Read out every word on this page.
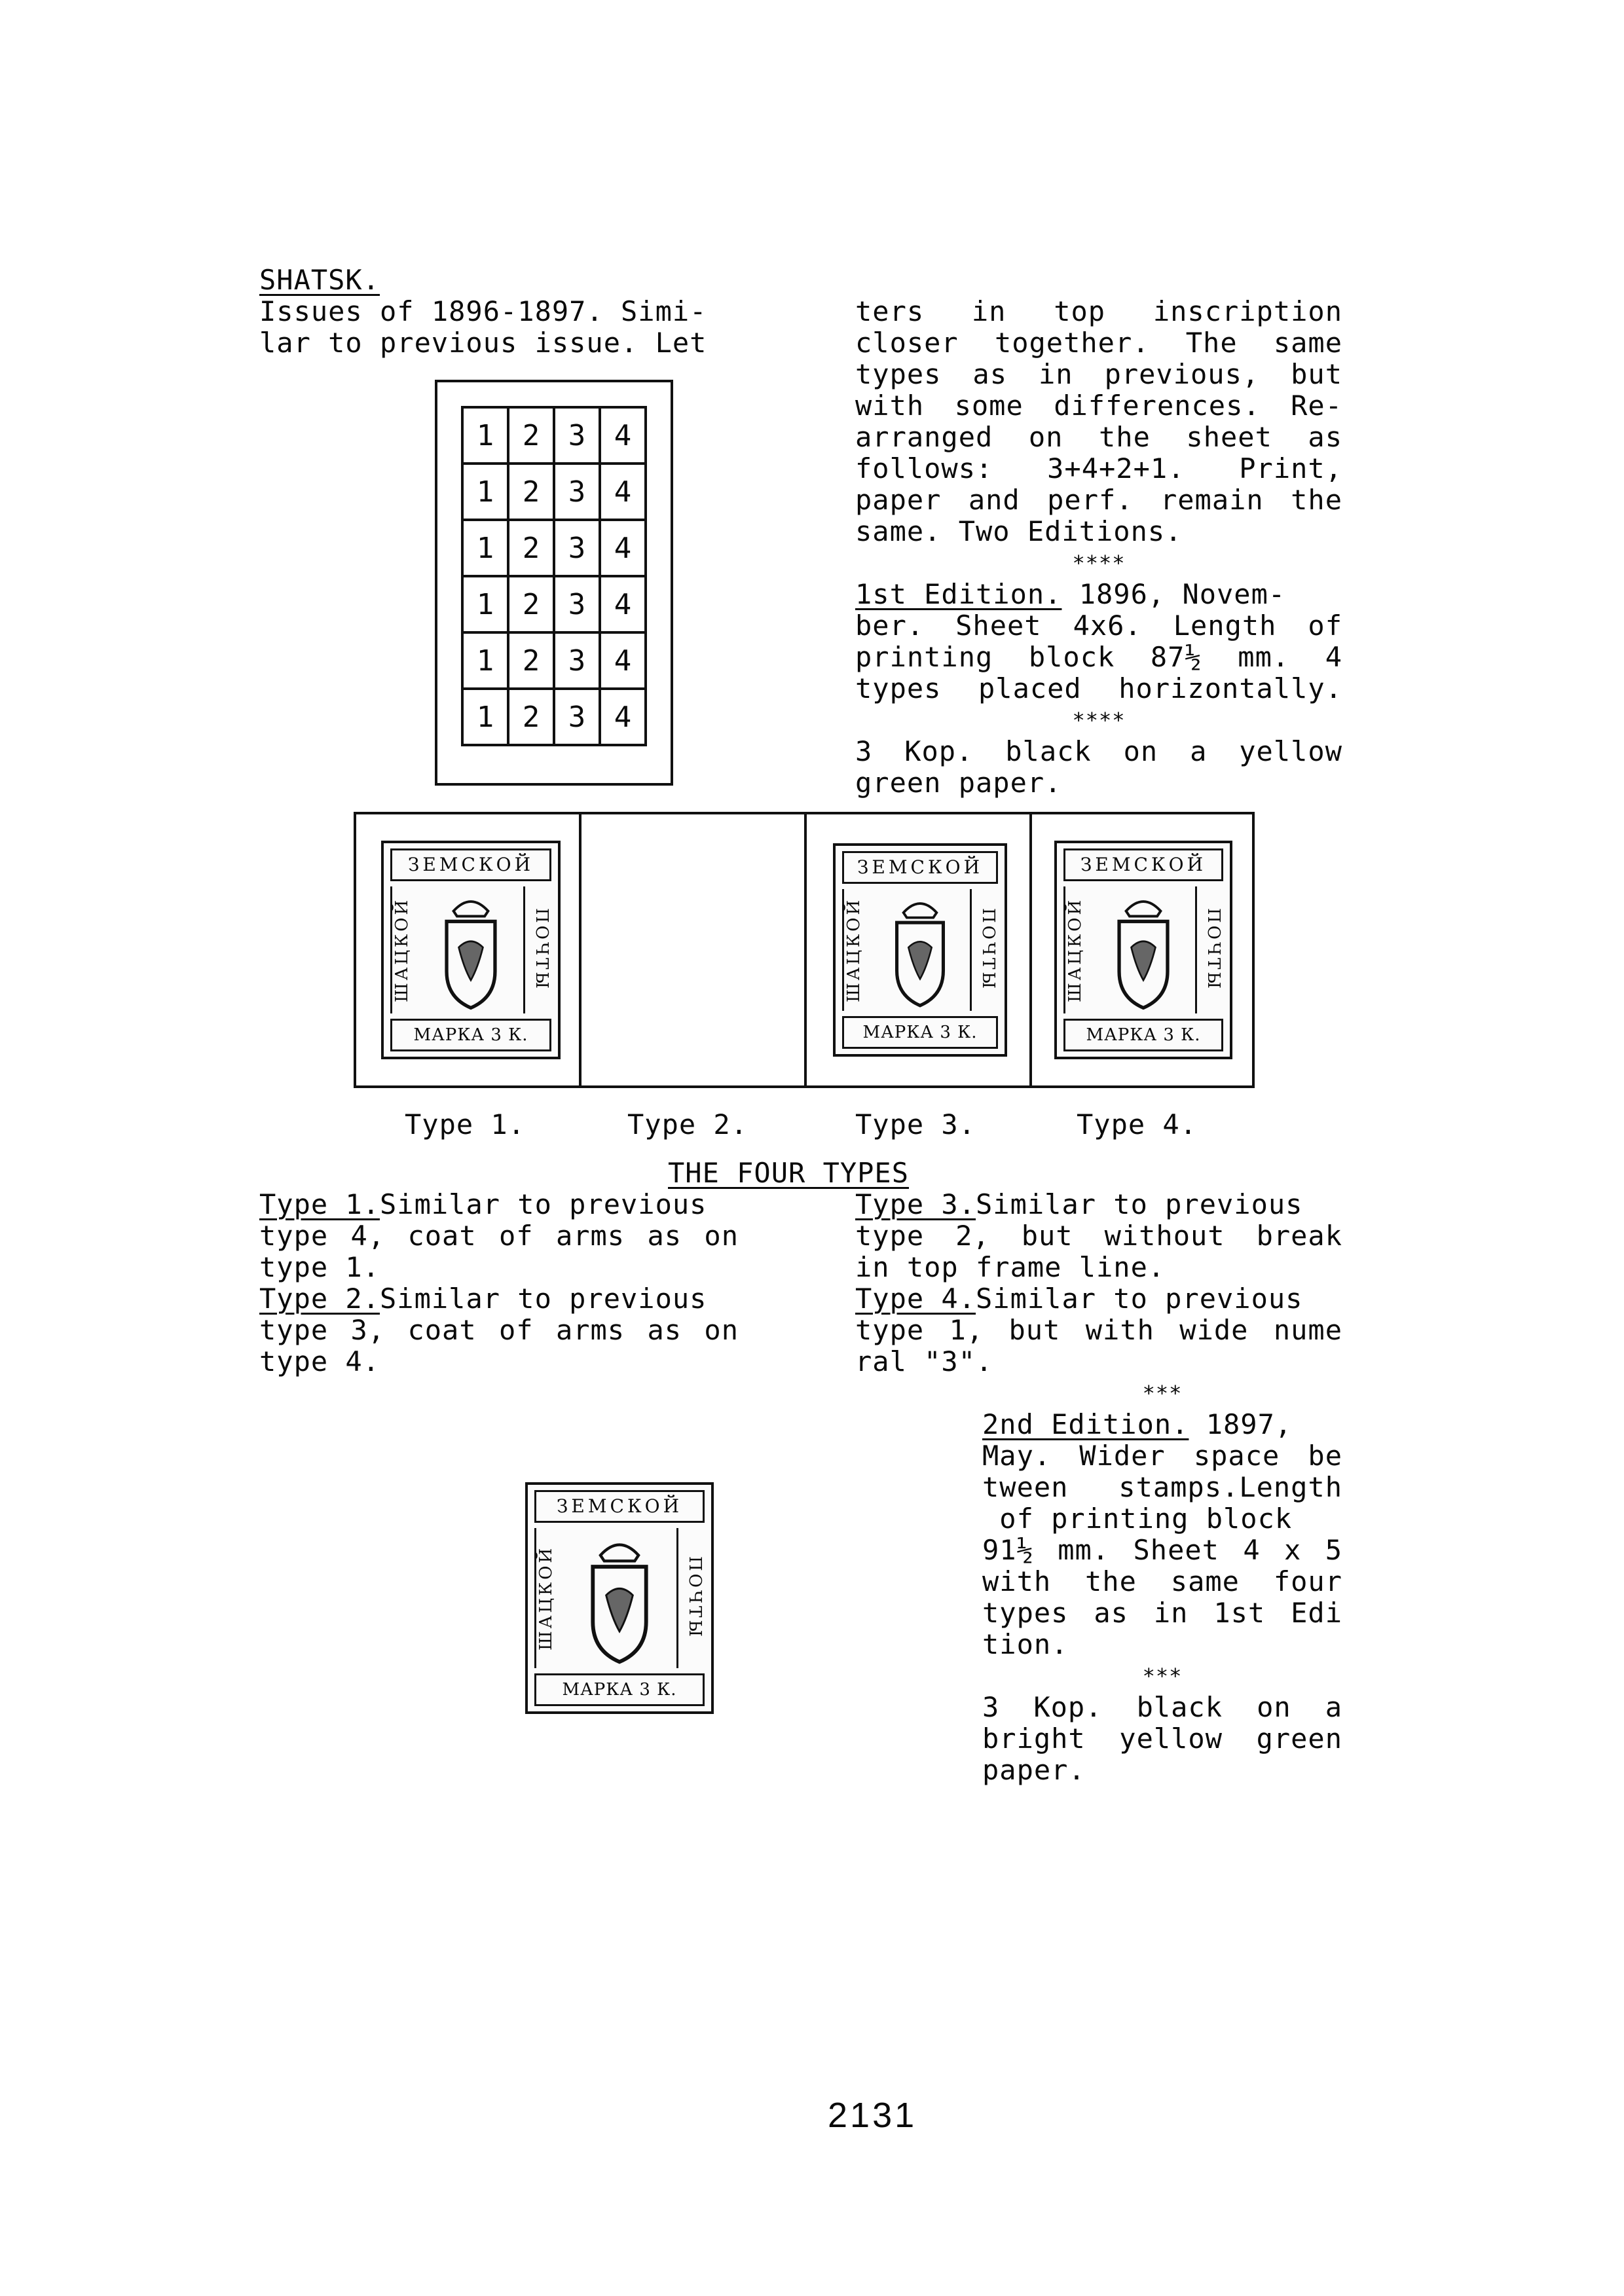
SHATSK.
Issues of 1896-1897. Simi-
lar to previous issue. Let
ters in top inscription
closer together. The same
types as in previous, but
with some differences. Re-
arranged on the sheet as
follows: 3+4+2+1. Print,
paper and perf. remain the
same. Two Editions.
****
1	2	3	4
1	2	3	4
1	2	3	4
1	2	3	4
1	2	3	4
1	2	3	4
1st Edition. 1896, Novem-
ber. Sheet 4x6. Length of
printing block 87½ mm. 4
types placed horizontally.
****
3 Kop. black on a yellow
green paper.
ЗЕМСКОЙ
ШАЦКОЙ	ПОЧТЫ
МАРКА 3 К.
ЗЕМСКОЙ
ШАЦКОЙ	ПОЧТЫ
МАРКА 3 К.
ЗЕМСКОЙ
ШАЦКОЙ	ПОЧТЫ
МАРКА 3 К.
Type 1.	Type 2.	Type 3.	Type 4.
THE FOUR TYPES
Type 1.Similar to previous
type 4, coat of arms as on
type 1.
Type 2.Similar to previous
type 3, coat of arms as on
type 4.
Type 3.Similar to previous
type 2, but without break
in top frame line.
Type 4.Similar to previous
type 1, but with wide nume
ral "3".
***
2nd Edition. 1897,
May. Wider space be
tween stamps.Length
of printing block
91½ mm. Sheet 4 x 5
with the same four
types as in 1st Edi
tion.
***
3 Kop. black on a
bright yellow green
paper.
ЗЕМСКОЙ
ШАЦКОЙ	ПОЧТЫ
МАРКА 3 К.
2131
